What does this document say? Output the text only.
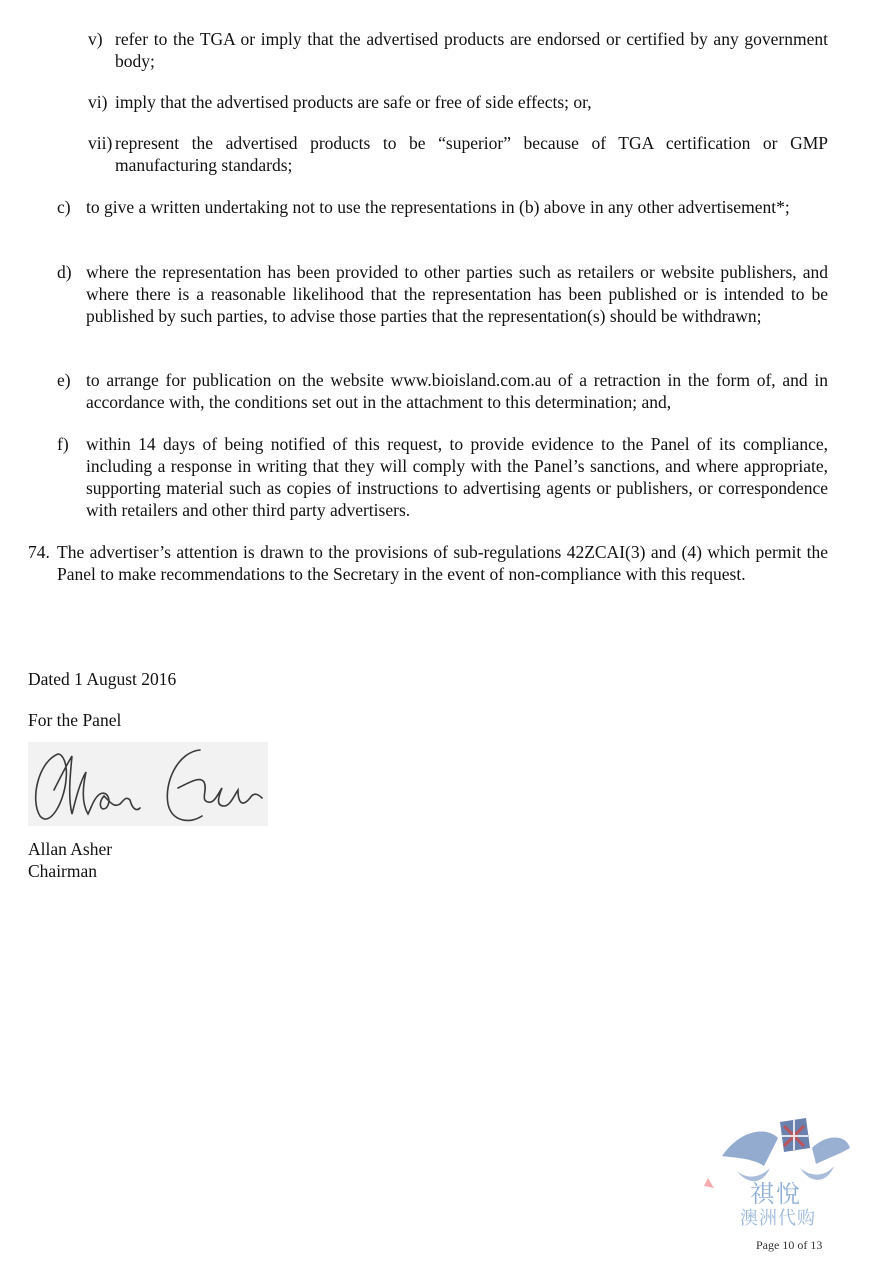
v) refer to the TGA or imply that the advertised products are endorsed or certified by any government body;
vi) imply that the advertised products are safe or free of side effects; or,
vii) represent the advertised products to be “superior” because of TGA certification or GMP manufacturing standards;
c) to give a written undertaking not to use the representations in (b) above in any other advertisement*;
d) where the representation has been provided to other parties such as retailers or website publishers, and where there is a reasonable likelihood that the representation has been published or is intended to be published by such parties, to advise those parties that the representation(s) should be withdrawn;
e) to arrange for publication on the website www.bioisland.com.au of a retraction in the form of, and in accordance with, the conditions set out in the attachment to this determination; and,
f) within 14 days of being notified of this request, to provide evidence to the Panel of its compliance, including a response in writing that they will comply with the Panel’s sanctions, and where appropriate, supporting material such as copies of instructions to advertising agents or publishers, or correspondence with retailers and other third party advertisers.
74. The advertiser’s attention is drawn to the provisions of sub-regulations 42ZCAI(3) and (4) which permit the Panel to make recommendations to the Secretary in the event of non-compliance with this request.
Dated 1 August 2016
For the Panel
Allan Asher
Chairman
祺悅
澳洲代购
Page 10 of 13
